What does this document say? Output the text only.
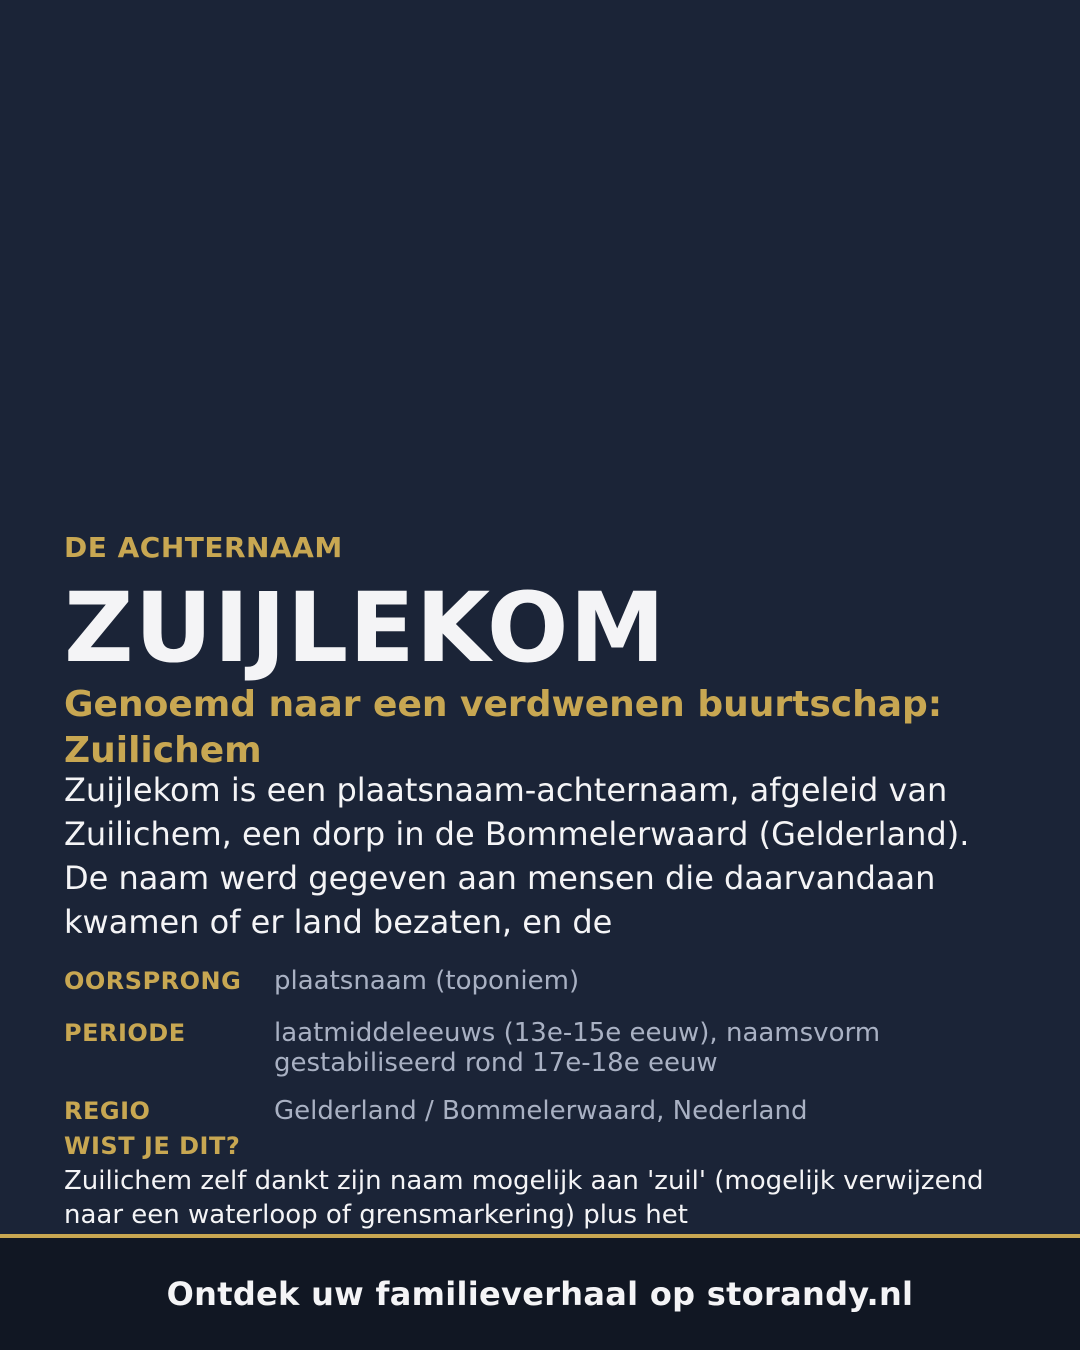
DE ACHTERNAAM
ZUIJLEKOM
Genoemd naar een verdwenen buurtschap: Zuilichem

Zuijlekom is een plaatsnaam-achternaam, afgeleid van Zuilichem, een dorp in de Bommelerwaard (Gelderland). De naam werd gegeven aan mensen die daarvandaan kwamen of er land bezaten, en de

OORSPRONG	plaatsnaam (toponiem)
PERIODE	laatmiddeleeuws (13e-15e eeuw), naamsvorm gestabiliseerd rond 17e-18e eeuw
REGIO	Gelderland / Bommelerwaard, Nederland
WIST JE DIT?

Zuilichem zelf dankt zijn naam mogelijk aan 'zuil' (mogelijk verwijzend naar een waterloop of grensmarkering) plus het

Ontdek uw familieverhaal op storandy.nl
